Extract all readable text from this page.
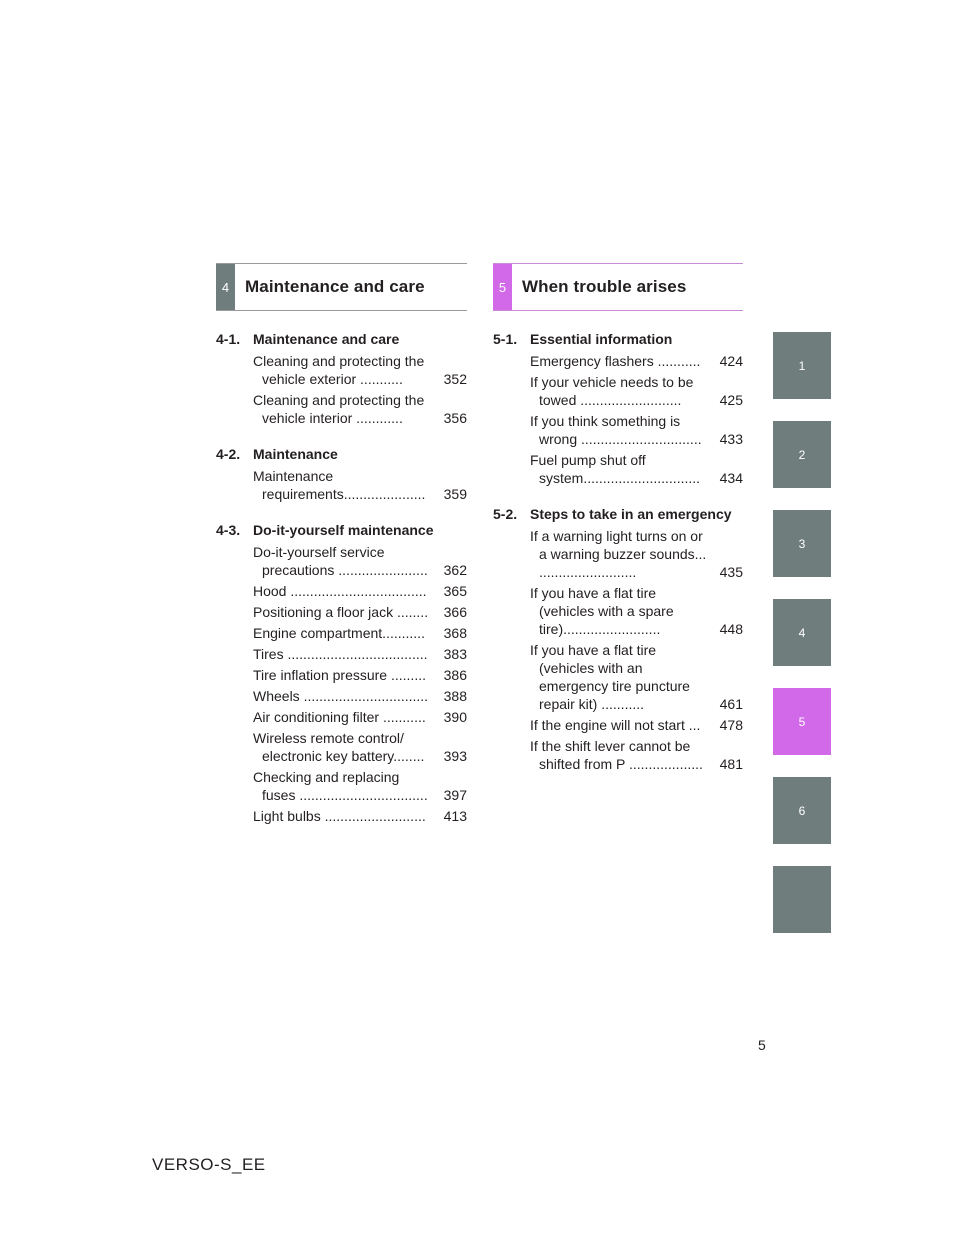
4 Maintenance and care
4-1. Maintenance and care
Cleaning and protecting the vehicle exterior ...........	352
Cleaning and protecting the vehicle interior ............	356
4-2. Maintenance
Maintenance requirements..................... 359
4-3. Do-it-yourself maintenance
Do-it-yourself service precautions ....................... 362
Hood ................................... 365
Positioning a floor jack ........ 366
Engine compartment........... 368
Tires .................................... 383
Tire inflation pressure ......... 386
Wheels ................................ 388
Air conditioning filter ........... 390
Wireless remote control/ electronic key battery........ 393
Checking and replacing fuses ................................. 397
Light bulbs .......................... 413
5 When trouble arises
5-1. Essential information
Emergency flashers ........... 424
If your vehicle needs to be towed ..........................	425
If you think something is wrong ............................... 433
Fuel pump shut off system.............................. 434
5-2. Steps to take in an emergency
If a warning light turns on or a warning buzzer sounds... .........................	435
If you have a flat tire (vehicles with a spare tire).........................	448
If you have a flat tire (vehicles with an emergency tire puncture repair kit) ...........	461
If the engine will not start ... 478
If the shift lever cannot be shifted from P ................... 481
1
2
3
4
5
6
5
VERSO-S_EE
